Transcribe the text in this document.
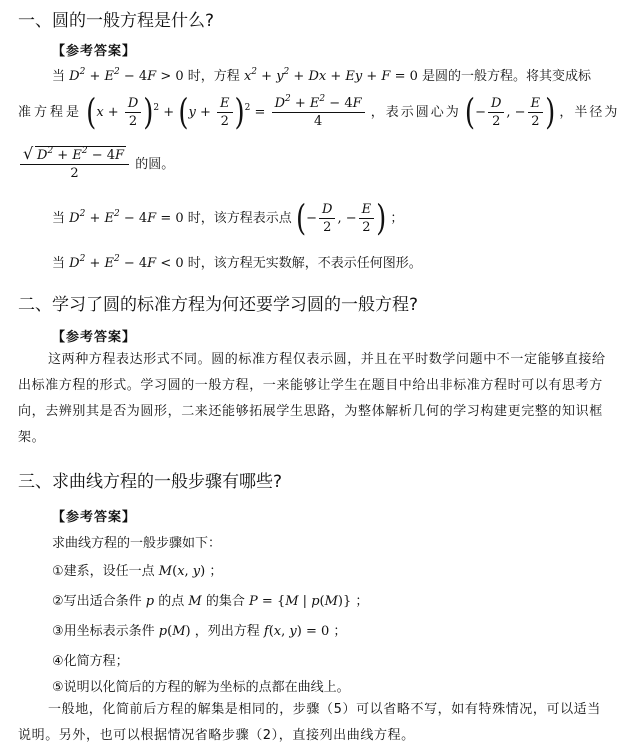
一、圆的一般方程是什么?
【参考答案】
当 $D^2 + E^2 - 4F > 0$ 时，方程 $x^2 + y^2 + Dx + Ey + F = 0$ 是圆的一般方程。将其变成标
准方程是 $(x + \frac{D}{2} )^2 + (y + \frac{E}{2} )^2 = \frac{D^2 + E^2 - 4F}{4}$ ，表示圆心为 (− $\frac{D}{2}$ , − $\frac{E}{2}$ ) ，半径为
$\frac{√ D^2 + E^2 - 4F}{2}$ 的圆。
当 $D^2 + E^2 - 4F = 0$ 时，该方程表示点 (− $\frac{D}{2}$ , − $\frac{E}{2}$ ) ；
当 $D^2 + E^2 - 4F < 0$ 时，该方程无实数解，不表示任何图形。
二、学习了圆的标准方程为何还要学习圆的一般方程?
【参考答案】
这两种方程表达形式不同。圆的标准方程仅表示圆，并且在平时数学问题中不一定能够直接给出标准方程的形式。学习圆的一般方程，一来能够让学生在题目中给出非标准方程时可以有思考方向，去辨别其是否为圆形，二来还能够拓展学生思路，为整体解析几何的学习构建更完整的知识框架。
三、求曲线方程的一般步骤有哪些?
【参考答案】
求曲线方程的一般步骤如下：
①建系，设任一点 M(x, y) ；
②写出适合条件 p 的点 M 的集合 P = {M | p(M)} ；
③用坐标表示条件 p(M) ，列出方程 f(x, y) = 0 ；
④化简方程；
⑤说明以化简后的方程的解为坐标的点都在曲线上。
一般地，化简前后方程的解集是相同的，步骤（5）可以省略不写，如有特殊情况，可以适当说明。另外，也可以根据情况省略步骤（2），直接列出曲线方程。
